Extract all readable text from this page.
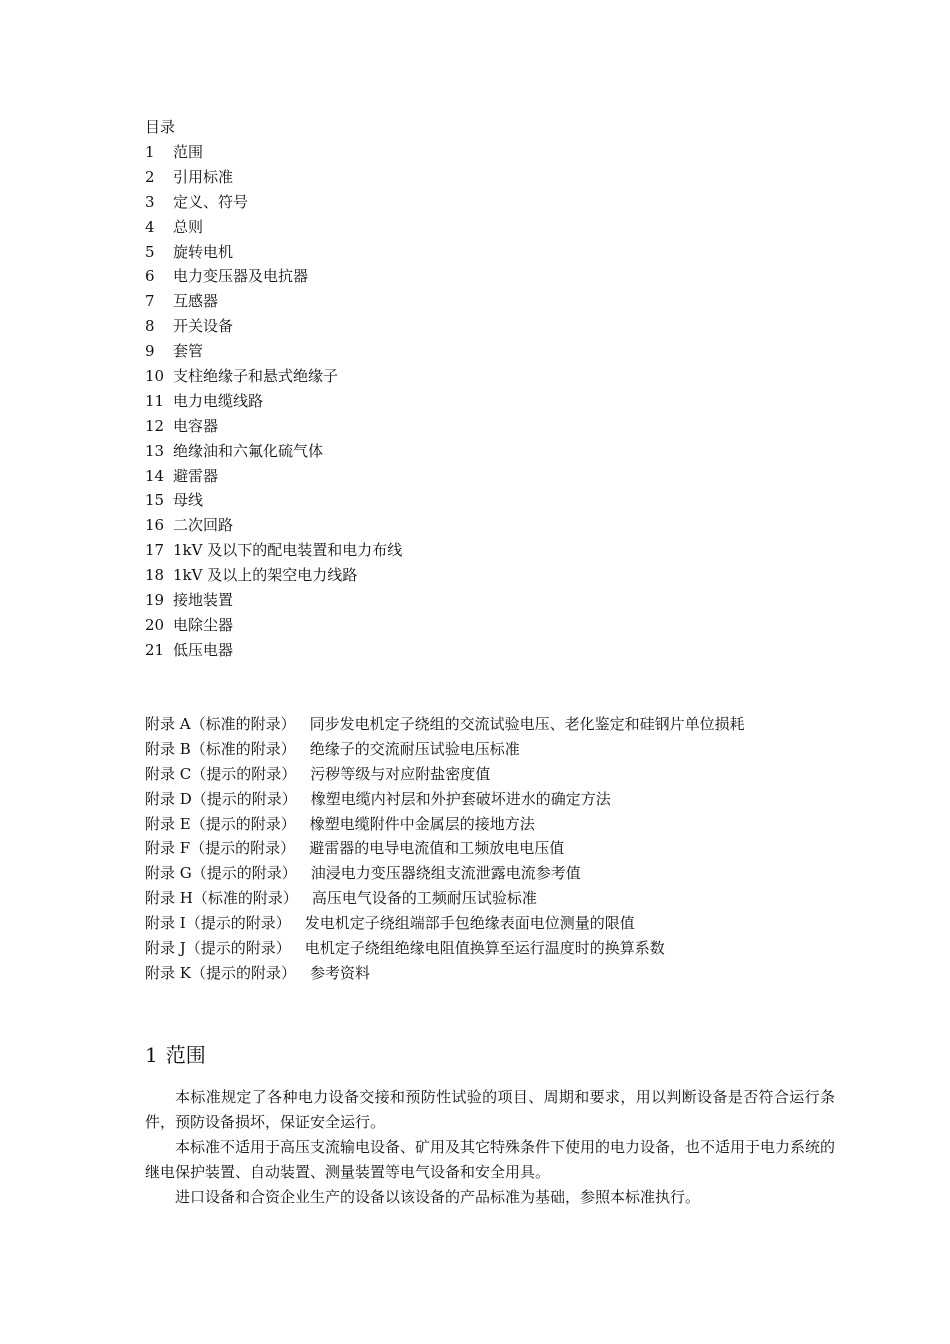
目录
1 范围
2 引用标准
3 定义、符号
4 总则
5 旋转电机
6 电力变压器及电抗器
7 互感器
8 开关设备
9 套管
10 支柱绝缘子和悬式绝缘子
11 电力电缆线路
12 电容器
13 绝缘油和六氟化硫气体
14 避雷器
15 母线
16 二次回路
17 1kV 及以下的配电装置和电力布线
18 1kV 及以上的架空电力线路
19 接地装置
20 电除尘器
21 低压电器
附录 A（标准的附录） 同步发电机定子绕组的交流试验电压、老化鉴定和硅钢片单位损耗
附录 B（标准的附录） 绝缘子的交流耐压试验电压标准
附录 C（提示的附录） 污秽等级与对应附盐密度值
附录 D（提示的附录） 橡塑电缆内衬层和外护套破坏进水的确定方法
附录 E（提示的附录） 橡塑电缆附件中金属层的接地方法
附录 F（提示的附录） 避雷器的电导电流值和工频放电电压值
附录 G（提示的附录） 油浸电力变压器绕组支流泄露电流参考值
附录 H（标准的附录） 高压电气设备的工频耐压试验标准
附录 I（提示的附录） 发电机定子绕组端部手包绝缘表面电位测量的限值
附录 J（提示的附录） 电机定子绕组绝缘电阻值换算至运行温度时的换算系数
附录 K（提示的附录） 参考资料
1 范围

本标准规定了各种电力设备交接和预防性试验的项目、周期和要求，用以判断设备是否符合运行条件，预防设备损坏，保证安全运行。

本标准不适用于高压支流输电设备、矿用及其它特殊条件下使用的电力设备，也不适用于电力系统的继电保护装置、自动装置、测量装置等电气设备和安全用具。

进口设备和合资企业生产的设备以该设备的产品标准为基础，参照本标准执行。
